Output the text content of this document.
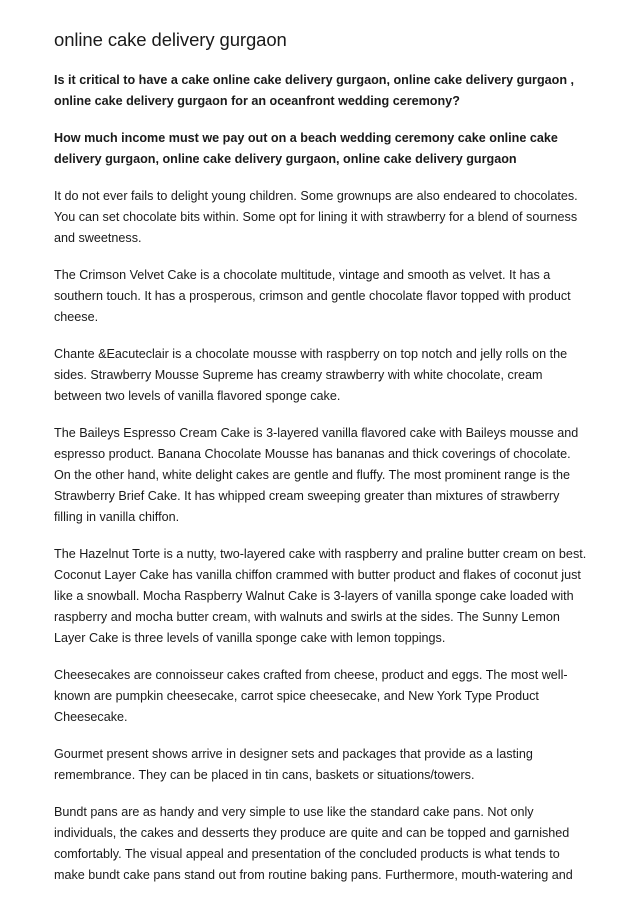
online cake delivery gurgaon

Is it critical to have a cake online cake delivery gurgaon, online cake delivery gurgaon , online cake delivery gurgaon for an oceanfront wedding ceremony?

How much income must we pay out on a beach wedding ceremony cake online cake delivery gurgaon, online cake delivery gurgaon, online cake delivery gurgaon

It do not ever fails to delight young children. Some grownups are also endeared to chocolates. You can set chocolate bits within. Some opt for lining it with strawberry for a blend of sourness and sweetness.

The Crimson Velvet Cake is a chocolate multitude, vintage and smooth as velvet. It has a southern touch. It has a prosperous, crimson and gentle chocolate flavor topped with product cheese.

Chante &Eacuteclair is a chocolate mousse with raspberry on top notch and jelly rolls on the sides. Strawberry Mousse Supreme has creamy strawberry with white chocolate, cream between two levels of vanilla flavored sponge cake.

The Baileys Espresso Cream Cake is 3-layered vanilla flavored cake with Baileys mousse and espresso product. Banana Chocolate Mousse has bananas and thick coverings of chocolate. On the other hand, white delight cakes are gentle and fluffy. The most prominent range is the Strawberry Brief Cake. It has whipped cream sweeping greater than mixtures of strawberry filling in vanilla chiffon.

The Hazelnut Torte is a nutty, two-layered cake with raspberry and praline butter cream on best. Coconut Layer Cake has vanilla chiffon crammed with butter product and flakes of coconut just like a snowball. Mocha Raspberry Walnut Cake is 3-layers of vanilla sponge cake loaded with raspberry and mocha butter cream, with walnuts and swirls at the sides. The Sunny Lemon Layer Cake is three levels of vanilla sponge cake with lemon toppings.

Cheesecakes are connoisseur cakes crafted from cheese, product and eggs. The most well-known are pumpkin cheesecake, carrot spice cheesecake, and New York Type Product Cheesecake.

Gourmet present shows arrive in designer sets and packages that provide as a lasting remembrance. They can be placed in tin cans, baskets or situations/towers.

Bundt pans are as handy and very simple to use like the standard cake pans. Not only individuals, the cakes and desserts they produce are quite and can be topped and garnished comfortably. The visual appeal and presentation of the concluded products is what tends to make bundt cake pans stand out from routine baking pans. Furthermore, mouth-watering and
